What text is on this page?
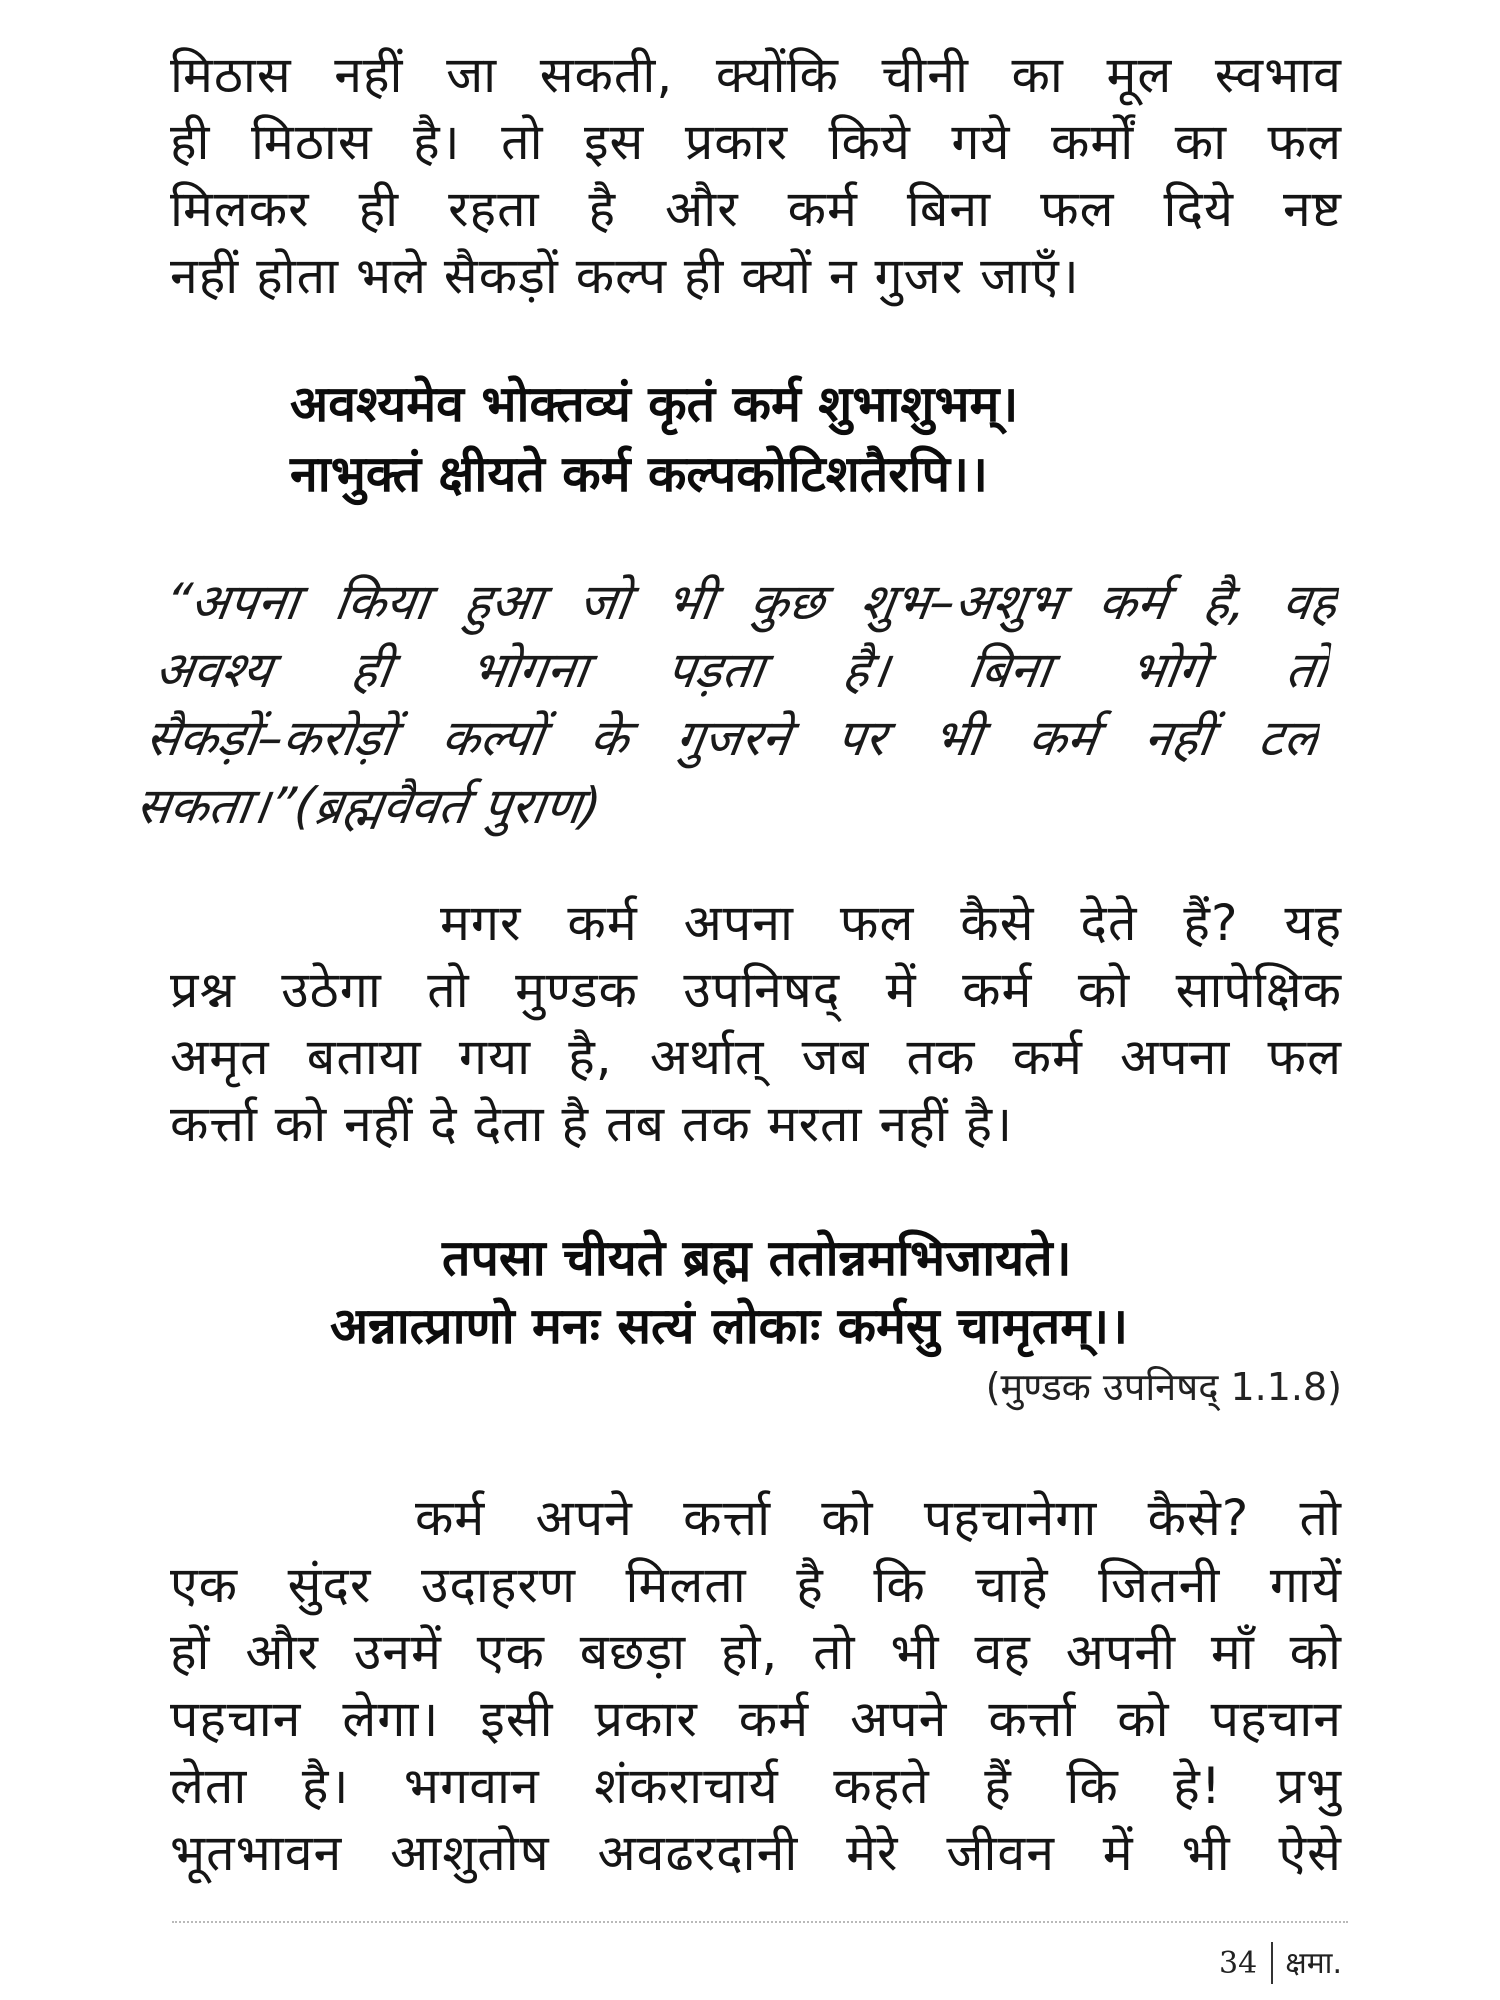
मिठास नहीं जा सकती, क्योंकि चीनी का मूल स्वभाव
ही मिठास है। तो इस प्रकार किये गये कर्मों का फल
मिलकर ही रहता है और कर्म बिना फल दिये नष्ट
नहीं होता भले सैकड़ों कल्प ही क्यों न गुजर जाएँ।
अवश्यमेव भोक्तव्यं कृतं कर्म शुभाशुभम्।
नाभुक्तं क्षीयते कर्म कल्पकोटिशतैरपि।।
“अपना किया हुआ जो भी कुछ शुभ–अशुभ कर्म है, वह
अवश्य ही भोगना पड़ता है। बिना भोगे तो
सैकड़ों–करोड़ों कल्पों के गुजरने पर भी कर्म नहीं टल
सकता।”(ब्रह्मवैवर्त पुराण)
मगर कर्म अपना फल कैसे देते हैं? यह
प्रश्न उठेगा तो मुण्डक उपनिषद् में कर्म को सापेक्षिक
अमृत बताया गया है, अर्थात् जब तक कर्म अपना फल
कर्त्ता को नहीं दे देता है तब तक मरता नहीं है।
तपसा चीयते ब्रह्म ततोन्नमभिजायते।
अन्नात्प्राणो मनः सत्यं लोकाः कर्मसु चामृतम्।।
(मुण्डक उपनिषद् 1.1.8)
कर्म अपने कर्त्ता को पहचानेगा कैसे? तो
एक सुंदर उदाहरण मिलता है कि चाहे जितनी गायें
हों और उनमें एक बछड़ा हो, तो भी वह अपनी माँ को
पहचान लेगा। इसी प्रकार कर्म अपने कर्त्ता को पहचान
लेता है। भगवान शंकराचार्य कहते हैं कि हे! प्रभु
भूतभावन आशुतोष अवढरदानी मेरे जीवन में भी ऐसे
34 क्षमा.
